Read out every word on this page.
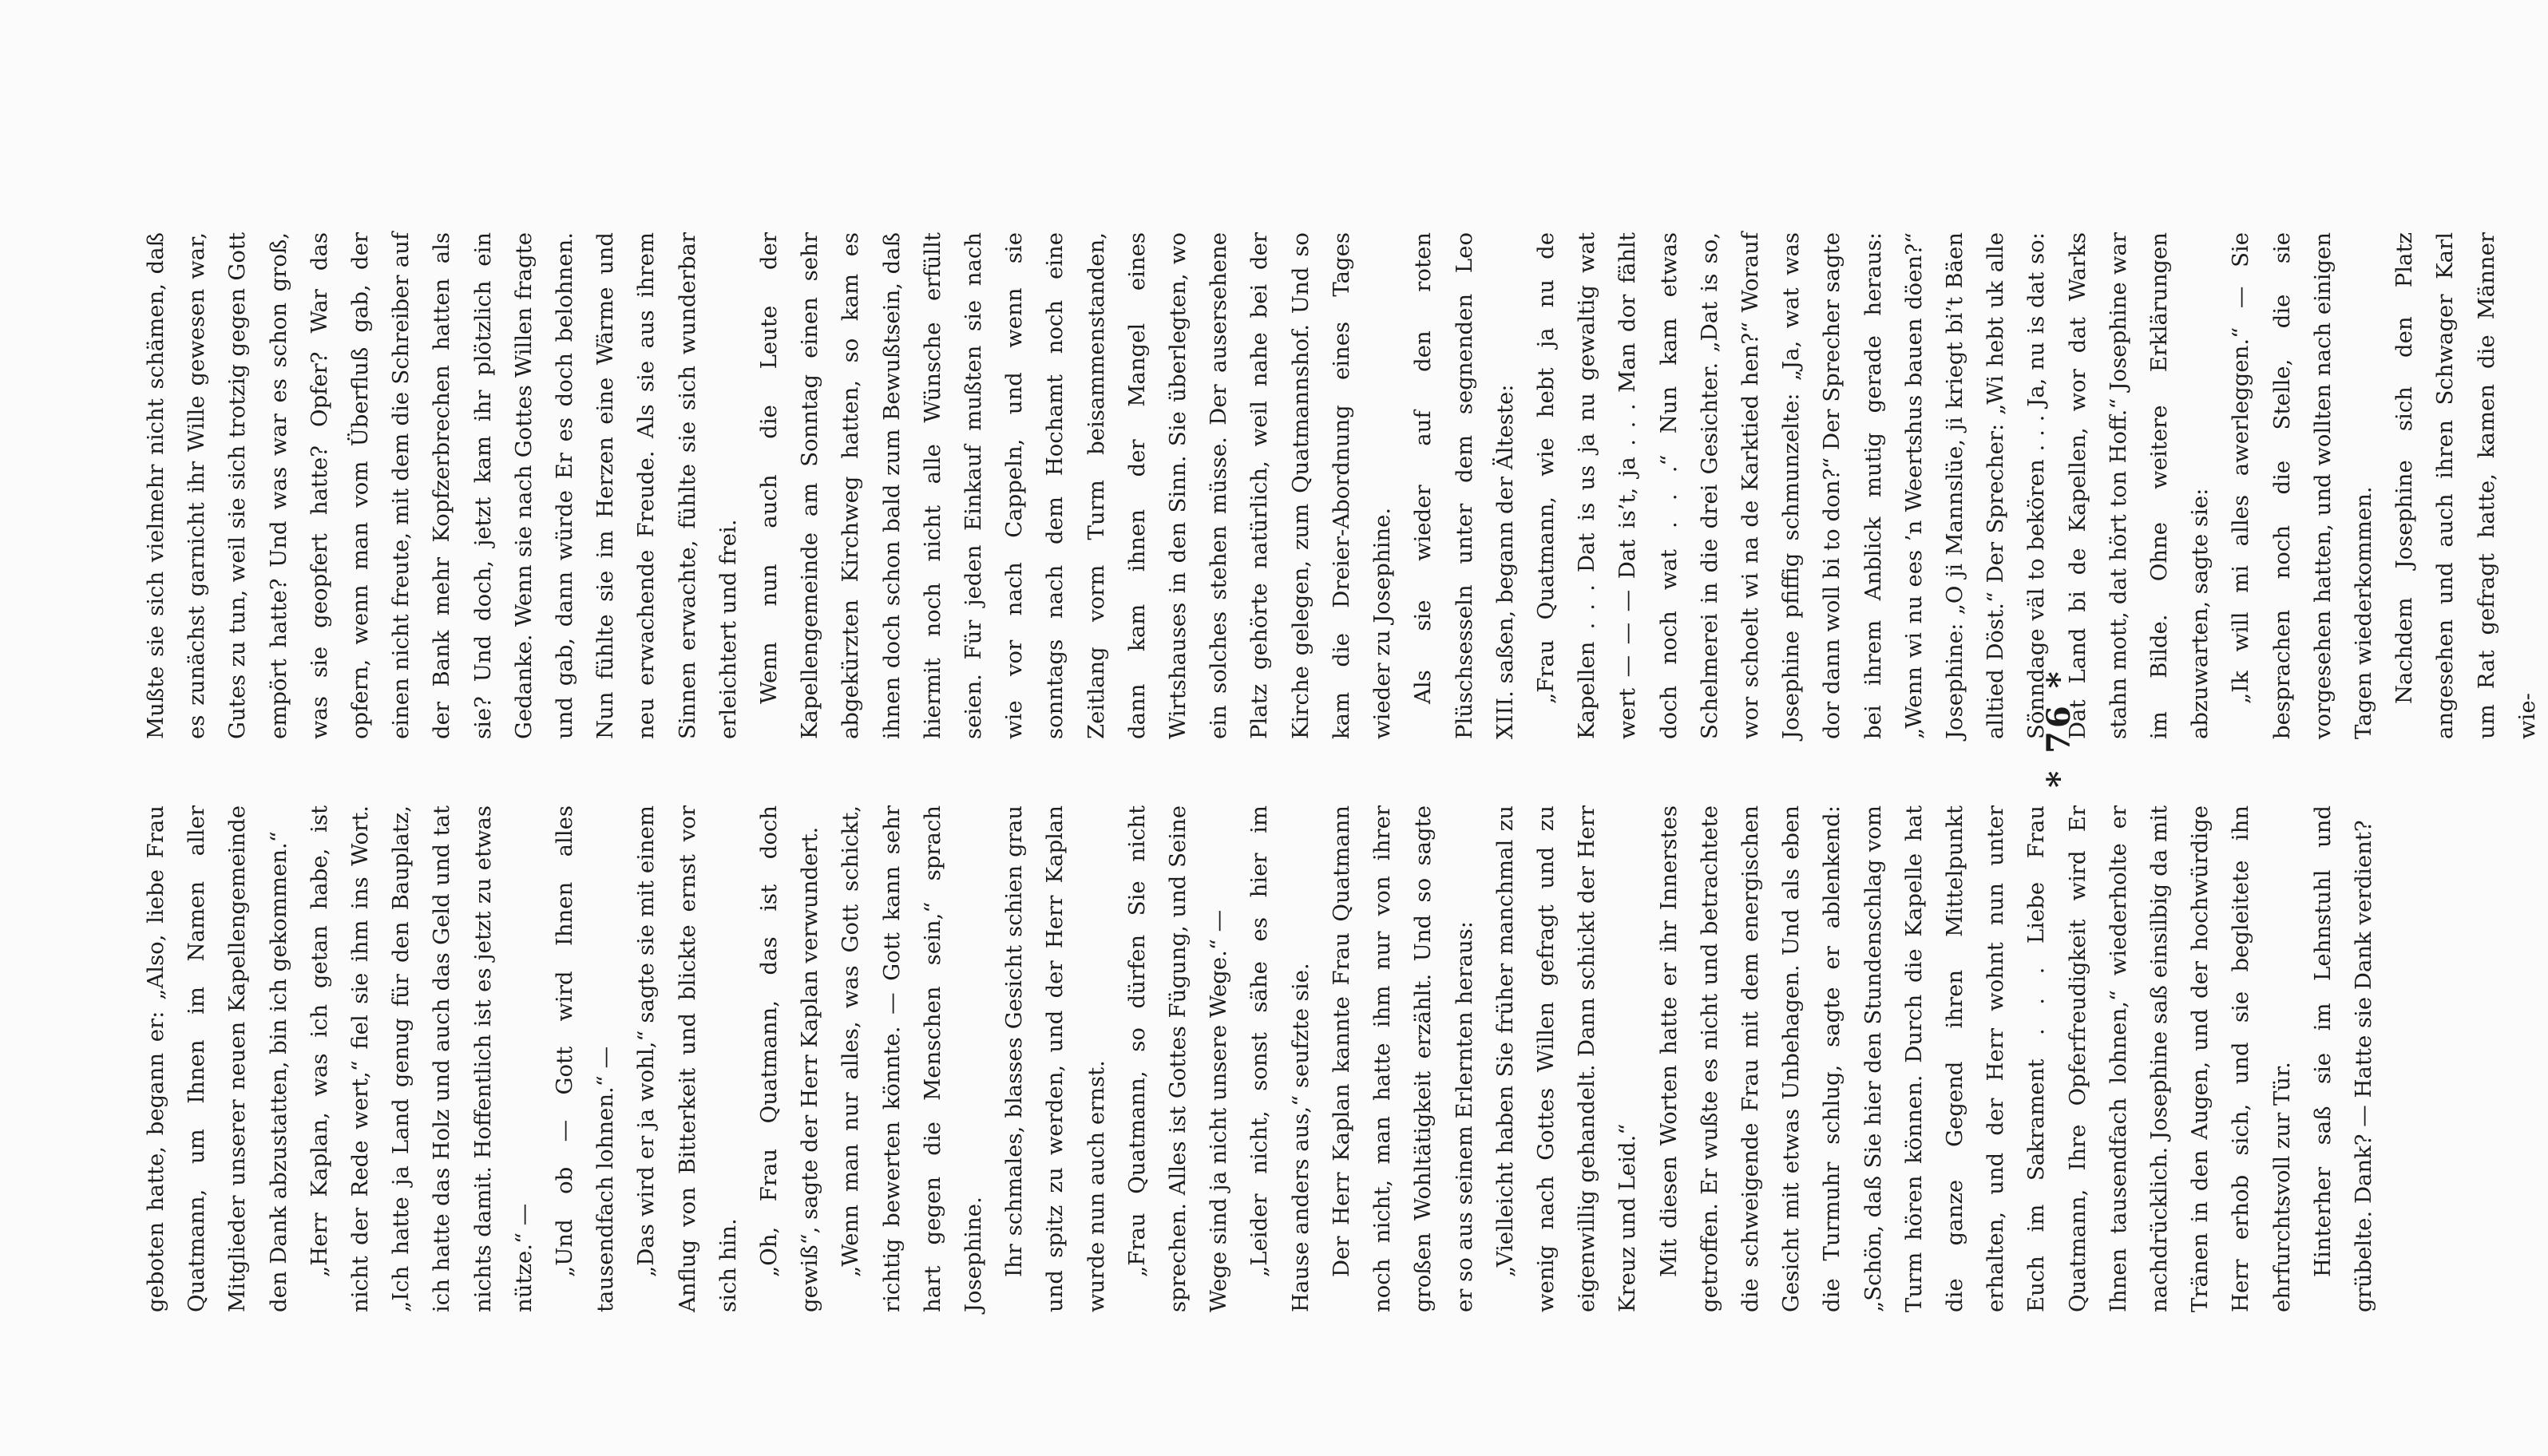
geboten hatte, begann er: „Also, liebe Frau Quatmann, um Ihnen im Namen aller Mitglieder unserer neuen Kapellengemeinde den Dank abzustatten, bin ich gekommen.“ „Herr Kaplan, was ich getan habe, ist nicht der Rede wert,“ fiel sie ihm ins Wort. „Ich hatte ja Land genug für den Bauplatz, ich hatte das Holz und auch das Geld und tat nichts damit. Hoffentlich ist es jetzt zu etwas nütze.“ — „Und ob — Gott wird Ihnen alles tausendfach lohnen.“ — „Das wird er ja wohl,“ sagte sie mit einem Anflug von Bitterkeit und blickte ernst vor sich hin. „Oh, Frau Quatmann, das ist doch gewiß“, sagte der Herr Kaplan verwundert. „Wenn man nur alles, was Gott schickt, richtig bewerten könnte. — Gott kann sehr hart gegen die Menschen sein,“ sprach Josephine. Ihr schmales, blasses Gesicht schien grau und spitz zu werden, und der Herr Kaplan wurde nun auch ernst. „Frau Quatmann, so dürfen Sie nicht sprechen. Alles ist Gottes Fügung, und Seine Wege sind ja nicht unsere Wege.“ — „Leider nicht, sonst sähe es hier im Hause anders aus,“ seufzte sie. Der Herr Kaplan kannte Frau Quatmann noch nicht, man hatte ihm nur von ihrer großen Wohltätigkeit erzählt. Und so sagte er so aus seinem Erlernten heraus: „Vielleicht haben Sie früher manchmal zu wenig nach Gottes Willen gefragt und zu eigenwillig gehandelt. Dann schickt der Herr Kreuz und Leid.“ Mit diesen Worten hatte er ihr Innerstes getroffen. Er wußte es nicht und betrachtete die schweigende Frau mit dem energischen Gesicht mit etwas Unbehagen. Und als eben die Turmuhr schlug, sagte er ablenkend: „Schön, daß Sie hier den Stundenschlag vom Turm hören können. Durch die Kapelle hat die ganze Gegend ihren Mittelpunkt erhalten, und der Herr wohnt nun unter Euch im Sakrament . . . Liebe Frau Quatmann, Ihre Opferfreudigkeit wird Er Ihnen tausendfach lohnen,“ wiederholte er nachdrücklich. Josephine saß einsilbig da mit Tränen in den Augen, und der hochwürdige Herr erhob sich, und sie begleitete ihn ehrfurchtsvoll zur Tür. Hinterher saß sie im Lehnstuhl und grübelte. Dank? — Hatte sie Dank verdient?

Mußte sie sich vielmehr nicht schämen, daß es zunächst garnicht ihr Wille gewesen war, Gutes zu tun, weil sie sich trotzig gegen Gott empört hatte? Und was war es schon groß, was sie geopfert hatte? Opfer? War das opfern, wenn man vom Überfluß gab, der einen nicht freute, mit dem die Schreiber auf der Bank mehr Kopfzerbrechen hatten als sie? Und doch, jetzt kam ihr plötzlich ein Gedanke. Wenn sie nach Gottes Willen fragte und gab, dann würde Er es doch belohnen. Nun fühlte sie im Herzen eine Wärme und neu erwachende Freude. Als sie aus ihrem Sinnen erwachte, fühlte sie sich wunderbar erleichtert und frei. Wenn nun auch die Leute der Kapellengemeinde am Sonntag einen sehr abgekürzten Kirchweg hatten, so kam es ihnen doch schon bald zum Bewußtsein, daß hiermit noch nicht alle Wünsche erfüllt seien. Für jeden Einkauf mußten sie nach wie vor nach Cappeln, und wenn sie sonntags nach dem Hochamt noch eine Zeitlang vorm Turm beisammenstanden, dann kam ihnen der Mangel eines Wirtshauses in den Sinn. Sie überlegten, wo ein solches stehen müsse. Der ausersehene Platz gehörte natürlich, weil nahe bei der Kirche gelegen, zum Quatmannshof. Und so kam die Dreier-Abordnung eines Tages wieder zu Josephine. Als sie wieder auf den roten Plüschsesseln unter dem segnenden Leo XIII. saßen, begann der Älteste: „Frau Quatmann, wie hebt ja nu de Kapellen . . . Dat is us ja nu gewaltig wat wert — — — Dat is’t, ja . . . Man dor fählt doch noch wat . . .“ Nun kam etwas Schelmerei in die drei Gesichter. „Dat is so, wor schoelt wi na de Karktied hen?“ Worauf Josephine pfiffig schmunzelte: „Ja, wat was dor dann woll bi to don?“ Der Sprecher sagte bei ihrem Anblick mutig gerade heraus: „Wenn wi nu ees ’n Weertshus bauen döen?“ Josephine: „O ji Mannslüe, ji kriegt bi’t Bäen alltied Döst.“ Der Sprecher: „Wi hebt uk alle Sönndage väl to bekören . . . Ja, nu is dat so: Dat Land bi de Kapellen, wor dat Warks stahn mott, dat hört ton Hoff.“ Josephine war im Bilde. Ohne weitere Erklärungen abzuwarten, sagte sie: „Ik will mi alles awerleggen.“ — Sie besprachen noch die Stelle, die sie vorgesehen hatten, und wollten nach einigen Tagen wiederkommen. Nachdem Josephine sich den Platz angesehen und auch ihren Schwager Karl um Rat gefragt hatte, kamen die Männer wie-

* 76 *
